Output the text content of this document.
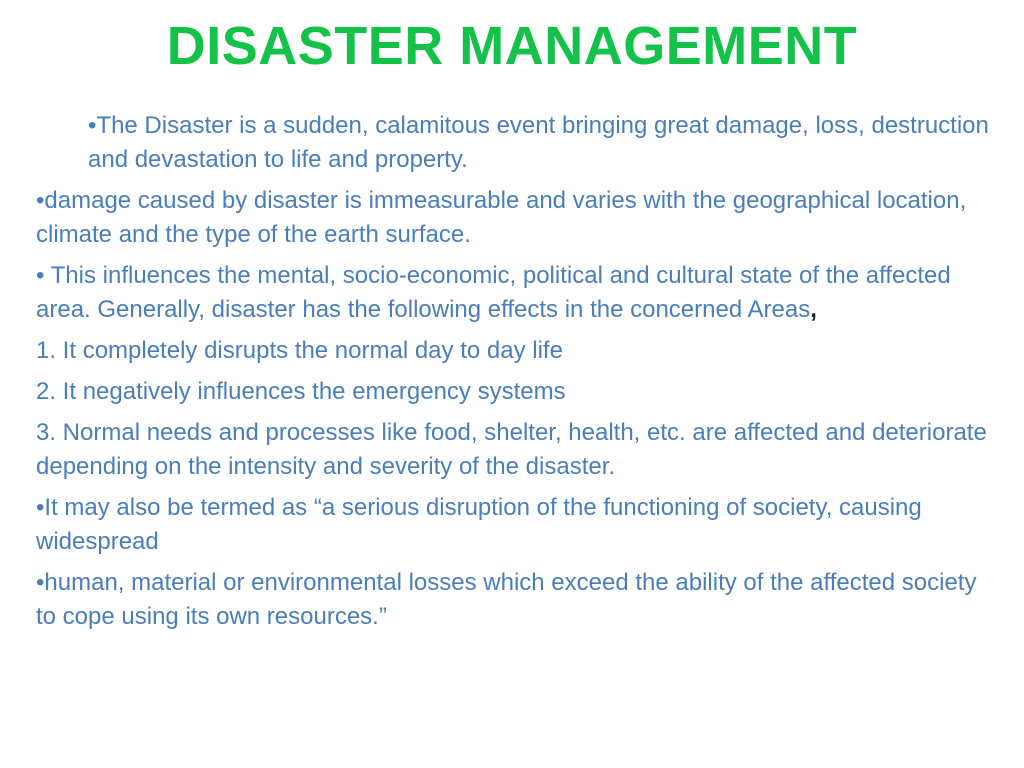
DISASTER MANAGEMENT

•The Disaster is a sudden, calamitous event bringing great damage, loss, destruction and devastation to life and property.

•damage caused by disaster is immeasurable and varies with the geographical location, climate and the type of the earth surface.

• This influences the mental, socio-economic, political and cultural state of the affected area. Generally, disaster has the following effects in the concerned Areas,

1. It completely disrupts the normal day to day life

2. It negatively influences the emergency systems

3. Normal needs and processes like food, shelter, health, etc. are affected and deteriorate depending on the intensity and severity of the disaster.

•It may also be termed as “a serious disruption of the functioning of society, causing widespread

•human, material or environmental losses which exceed the ability of the affected society to cope using its own resources.”
